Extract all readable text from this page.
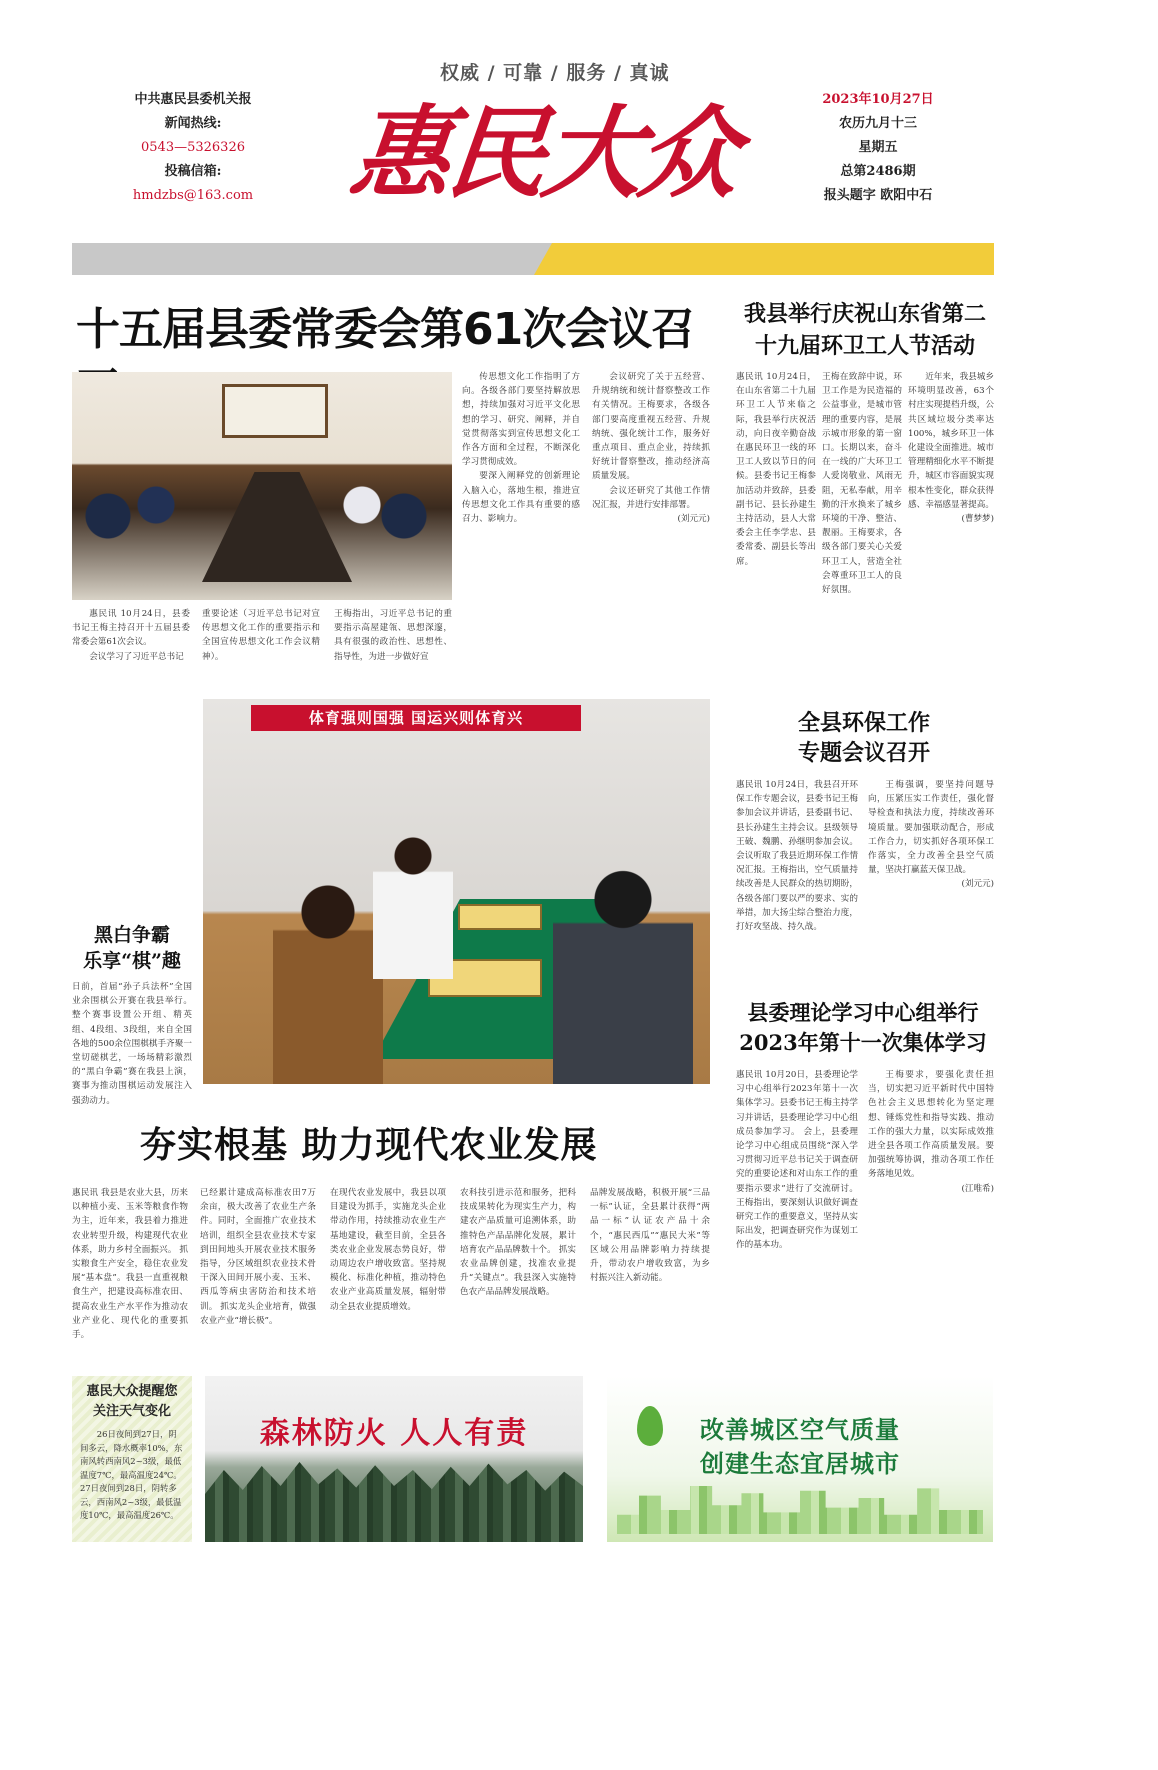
权威 / 可靠 / 服务 / 真诚
中共惠民县委机关报
新闻热线:
0543—5326326
投稿信箱:
hmdzbs@163.com 惠民大众	2023年10月27日
农历九月十三
星期五
总第2486期
报头题字 欧阳中石
十五届县委常委会第61次会议召

惠民讯 10月24日，县委书记王梅主持召开十五届县委常委会第61次会议。

会议学习了习近平总书记

重要论述（习近平总书记对宣传思想文化工作的重要指示和全国宣传思想文化工作会议精神）。
王梅指出，习近平总书记的重要指示高屋建瓴、思想深邃，具有很强的政治性、思想性、指导性，为进一步做好宣

传思想文化工作指明了方向。各级各部门要坚持解放思想，持续加强对习近平文化思想的学习、研究、阐释，并自觉贯彻落实到宣传思想文化工作各方面和全过程，不断深化学习贯彻成效。

要深入阐释党的创新理论入脑入心，落地生根，推进宣传思想文化工作具有重要的感召力、影响力。

会议研究了关于五经营、升规纳统和统计督察整改工作有关情况。王梅要求，各级各部门要高度重视五经营、升规纳统、强化统计工作，服务好重点项目、重点企业，持续抓好统计督察整改，推动经济高质量发展。

会议还研究了其他工作情况汇报，并进行安排部署。

(刘元元)

我县举行庆祝山东省第二十九届环卫工人节活动
惠民讯 10月24日，在山东省第二十九届环卫工人节来临之际，我县举行庆祝活动，向日夜辛勤奋战在惠民环卫一线的环卫工人致以节日的问候。县委书记王梅参加活动并致辞，县委副书记、县长孙建生主持活动，县人大常委会主任李学忠、县委常委、副县长等出席。
王梅在致辞中说，环卫工作是为民造福的公益事业，是城市管理的重要内容，是展示城市形象的第一窗口。长期以来，奋斗在一线的广大环卫工人爱岗敬业、风雨无阻，无私奉献，用辛勤的汗水换来了城乡环境的干净、整洁、靓丽。王梅要求，各级各部门要关心关爱环卫工人，营造全社会尊重环卫工人的良好氛围。

近年来，我县城乡环境明显改善，63个村庄实现提档升级，公共区域垃圾分类率达100%，城乡环卫一体化建设全面推进。城市管理精细化水平不断提升，城区市容面貌实现根本性变化，群众获得感、幸福感显著提高。

(曹梦梦)

体育强则国强 国运兴则体育兴
黑白争霸
乐享“棋”趣
日前，首届“孙子兵法杯”全国业余围棋公开赛在我县举行。 整个赛事设置公开组、精英组、4段组、3段组，来自全国各地的500余位围棋棋手齐聚一堂切磋棋艺，一场场精彩激烈的“黑白争霸”赛在我县上演，赛事为推动围棋运动发展注入强劲动力。
全县环保工作
专题会议召开
惠民讯 10月24日，我县召开环保工作专题会议，县委书记王梅参加会议并讲话，县委副书记、县长孙建生主持会议。县级领导王破、魏鹏、孙继明参加会议。 会议听取了我县近期环保工作情况汇报。王梅指出，空气质量持续改善是人民群众的热切期盼，各级各部门要以严的要求、实的举措，加大扬尘综合整治力度，打好攻坚战、持久战。

王梅强调，要坚持问题导向，压紧压实工作责任，强化督导检查和执法力度，持续改善环境质量。要加强联动配合，形成工作合力，切实抓好各项环保工作落实，全力改善全县空气质量，坚决打赢蓝天保卫战。

(刘元元)

县委理论学习中心组举行
2023年第十一次集体学习
惠民讯 10月20日，县委理论学习中心组举行2023年第十一次集体学习。县委书记王梅主持学习并讲话，县委理论学习中心组成员参加学习。 会上，县委理论学习中心组成员围绕“深入学习贯彻习近平总书记关于调查研究的重要论述和对山东工作的重要指示要求”进行了交流研讨。王梅指出，要深刻认识做好调查研究工作的重要意义，坚持从实际出发，把调查研究作为谋划工作的基本功。

王梅要求，要强化责任担当，切实把习近平新时代中国特色社会主义思想转化为坚定理想、锤炼党性和指导实践、推动工作的强大力量，以实际成效推进全县各项工作高质量发展。要加强统筹协调，推动各项工作任务落地见效。

(江唯希)

夯实根基 助力现代农业发展
惠民讯 我县是农业大县，历来以种植小麦、玉米等粮食作物为主，近年来，我县着力推进农业转型升级，构建现代农业体系，助力乡村全面振兴。 抓实粮食生产安全，稳住农业发展“基本盘”。我县一直重视粮食生产，把建设高标准农田、提高农业生产水平作为推动农业产业化、现代化的重要抓手。
已经累计建成高标准农田7万余亩，极大改善了农业生产条件。同时，全面推广农业技术培训，组织全县农业技术专家到田间地头开展农业技术服务指导，分区域组织农业技术骨干深入田间开展小麦、玉米、西瓜等病虫害防治和技术培训。 抓实龙头企业培育，做强农业产业“增长极”。
在现代农业发展中，我县以项目建设为抓手，实施龙头企业带动作用，持续推动农业生产基地建设，截至目前，全县各类农业企业发展态势良好，带动周边农户增收致富。坚持规模化、标准化种植，推动特色农业产业高质量发展，辐射带动全县农业提质增效。
农科技引进示范和服务，把科技成果转化为现实生产力，构建农产品质量可追溯体系，助推特色产品品牌化发展，累计培育农产品品牌数十个。 抓实农业品牌创建，找准农业提升“关键点”。我县深入实施特色农产品品牌发展战略。
品牌发展战略，积极开展“三品一标”认证，全县累计获得“两品一标”认证农产品十余个，“惠民西瓜”“惠民大米”等区域公用品牌影响力持续提升，带动农户增收致富，为乡村振兴注入新动能。
惠民大众提醒您
关注天气变化
26日夜间到27日，阴间多云，降水概率10%，东南风转西南风2~3级，最低温度7℃，最高温度24℃。 27日夜间到28日，阴转多云，西南风2~3级，最低温度10℃，最高温度26℃。
森林防火 人人有责	改善城区空气质量
创建生态宜居城市
